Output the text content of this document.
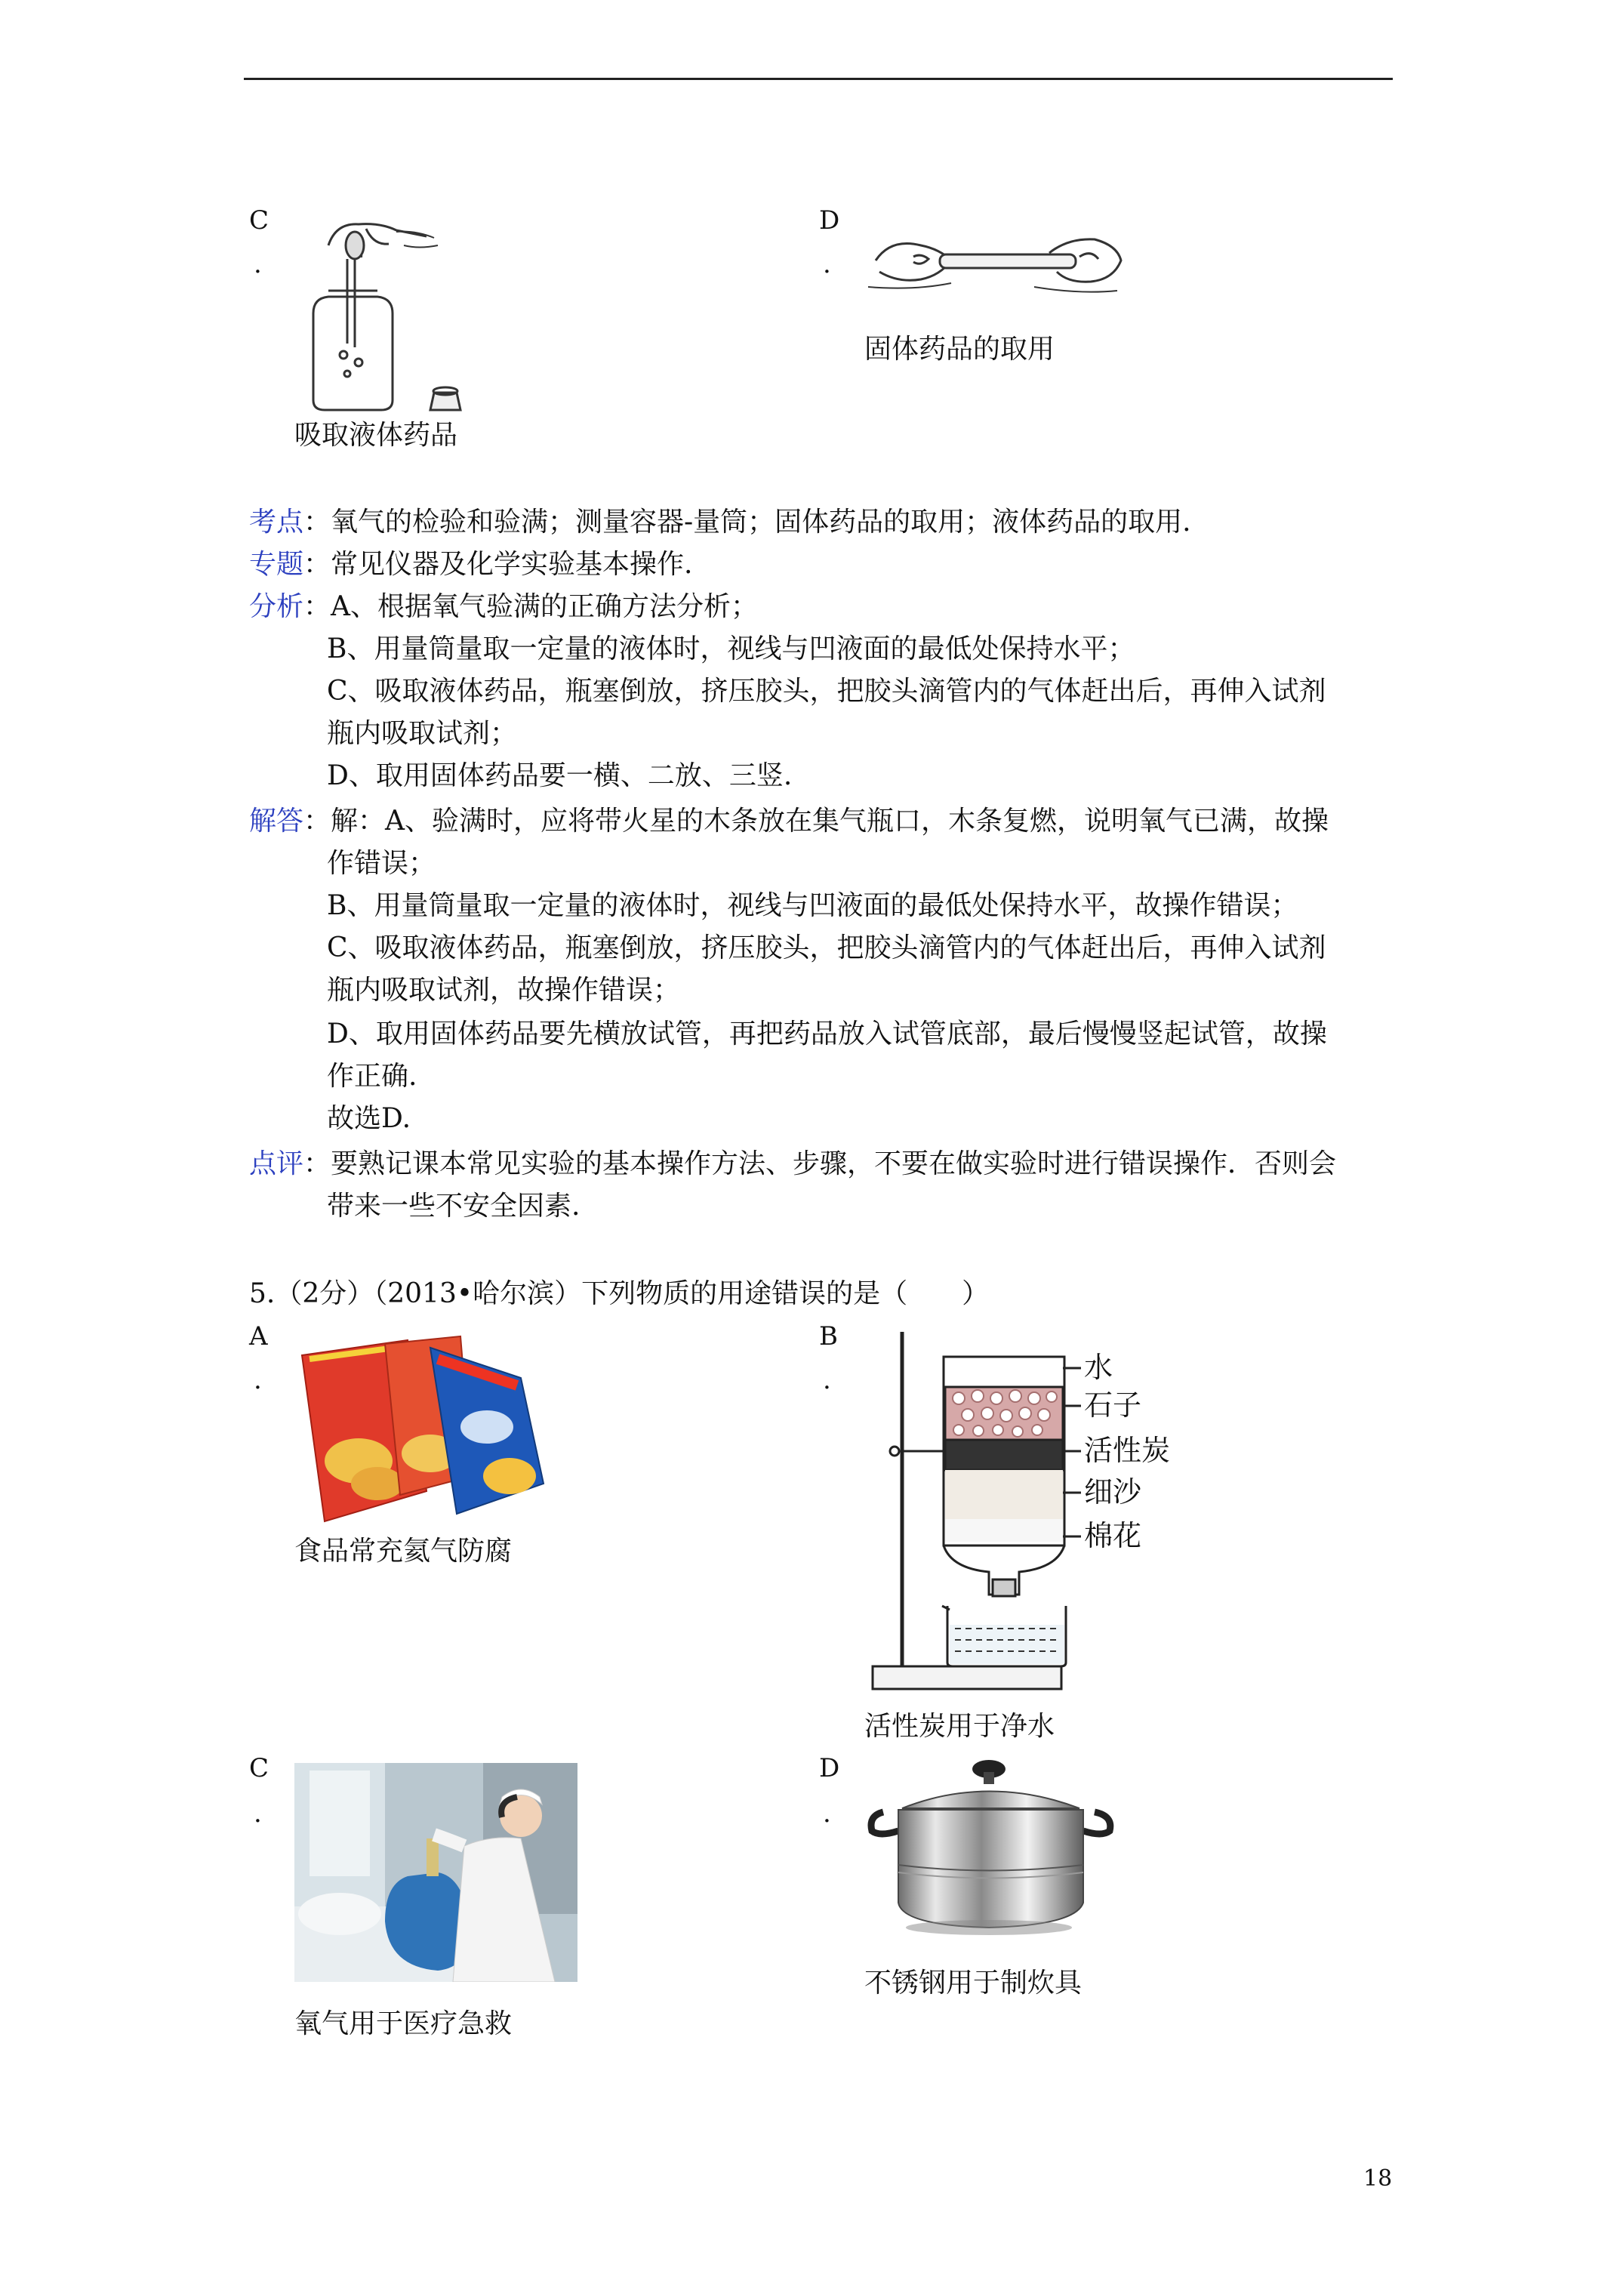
C
.
吸取液体药品
D
.
固体药品的取用
考点：氧气的检验和验满；测量容器-量筒；固体药品的取用；液体药品的取用.
专题：常见仪器及化学实验基本操作.
分析：A、根据氧气验满的正确方法分析；
B、用量筒量取一定量的液体时，视线与凹液面的最低处保持水平；
C、吸取液体药品，瓶塞倒放，挤压胶头，把胶头滴管内的气体赶出后，再伸入试剂
瓶内吸取试剂；
D、取用固体药品要一横、二放、三竖.
解答：解：A、验满时，应将带火星的木条放在集气瓶口，木条复燃，说明氧气已满，故操
作错误；
B、用量筒量取一定量的液体时，视线与凹液面的最低处保持水平，故操作错误；
C、吸取液体药品，瓶塞倒放，挤压胶头，把胶头滴管内的气体赶出后，再伸入试剂
瓶内吸取试剂，故操作错误；
D、取用固体药品要先横放试管，再把药品放入试管底部，最后慢慢竖起试管，故操
作正确.
故选D.
点评：要熟记课本常见实验的基本操作方法、步骤，不要在做实验时进行错误操作．否则会
带来一些不安全因素.
5.（2分）（2013•哈尔滨）下列物质的用途错误的是（　　）
A
.
食品常充氦气防腐
B
.	水
石子
活性炭
细沙
棉花
活性炭用于净水
C
.
氧气用于医疗急救
D
.
不锈钢用于制炊具
18
